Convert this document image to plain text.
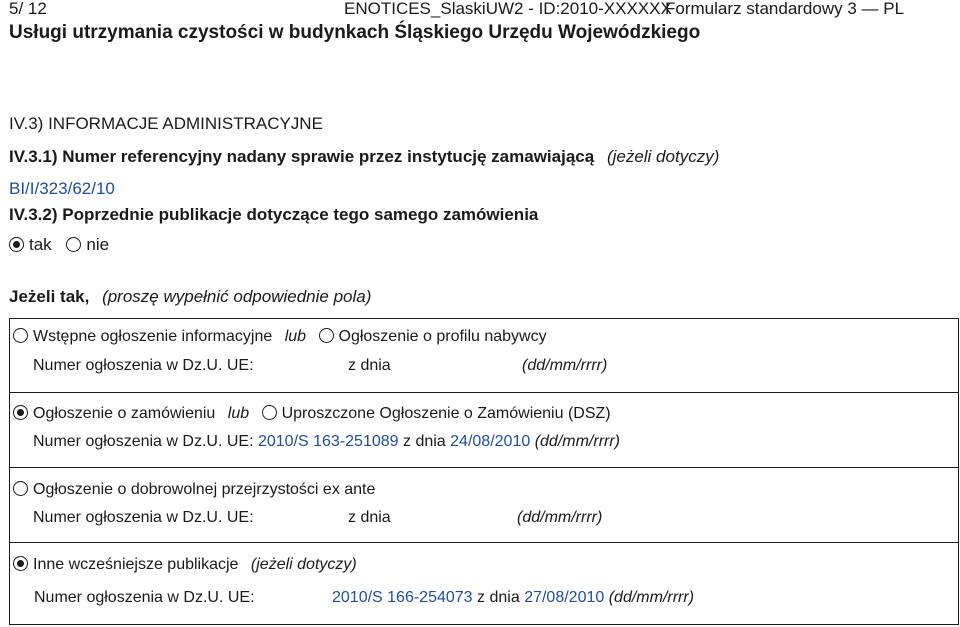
5/ 12	ENOTICES_SlaskiUW2 - ID:2010-XXXXXX
Formularz standardowy 3 — PL
Usługi utrzymania czystości w budynkach Śląskiego Urzędu Wojewódzkiego
IV.3) INFORMACJE ADMINISTRACYJNE
IV.3.1) Numer referencyjny nadany sprawie przez instytucję zamawiającą (jeżeli dotyczy)
BI/I/323/62/10
IV.3.2) Poprzednie publikacje dotyczące tego samego zamówienia
tak nie
Jeżeli tak, (proszę wypełnić odpowiednie pola)
Wstępne ogłoszenie informacyjne lub Ogłoszenie o profilu nabywcy
Numer ogłoszenia w Dz.U. UE:	z dnia	(dd/mm/rrrr)
Ogłoszenie o zamówieniu lub Uproszczone Ogłoszenie o Zamówieniu (DSZ)
Numer ogłoszenia w Dz.U. UE: 2010/S 163-251089 z dnia 24/08/2010 (dd/mm/rrrr)
Ogłoszenie o dobrowolnej przejrzystości ex ante
Numer ogłoszenia w Dz.U. UE:	z dnia	(dd/mm/rrrr)
Inne wcześniejsze publikacje (jeżeli dotyczy)
Numer ogłoszenia w Dz.U. UE:	2010/S 166-254073 z dnia 27/08/2010 (dd/mm/rrrr)
